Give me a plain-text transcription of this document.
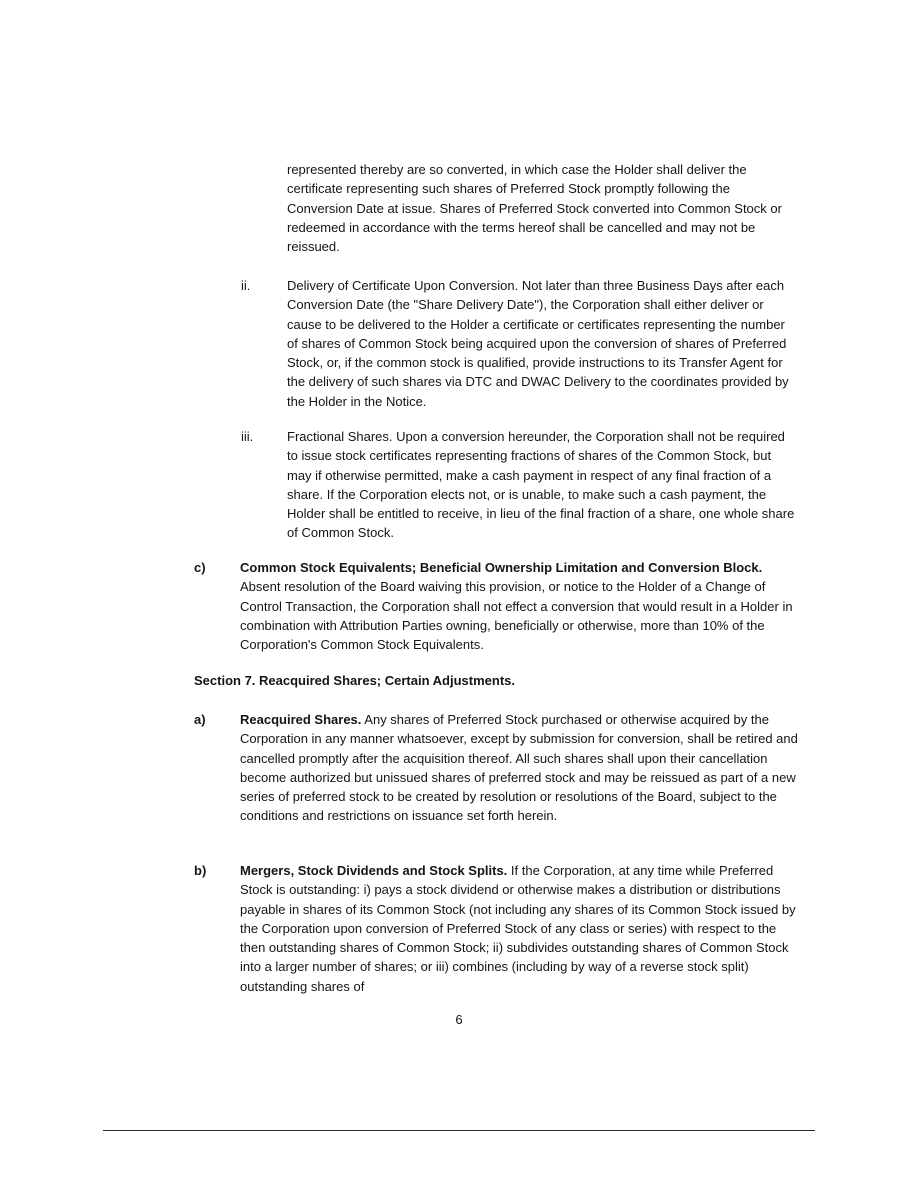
represented thereby are so converted, in which case the Holder shall deliver the certificate representing such shares of Preferred Stock promptly following the Conversion Date at issue. Shares of Preferred Stock converted into Common Stock or redeemed in accordance with the terms hereof shall be cancelled and may not be reissued.
ii.	Delivery of Certificate Upon Conversion. Not later than three Business Days after each Conversion Date (the "Share Delivery Date"), the Corporation shall either deliver or cause to be delivered to the Holder a certificate or certificates representing the number of shares of Common Stock being acquired upon the conversion of shares of Preferred Stock, or, if the common stock is qualified, provide instructions to its Transfer Agent for the delivery of such shares via DTC and DWAC Delivery to the coordinates provided by the Holder in the Notice.
iii.	Fractional Shares. Upon a conversion hereunder, the Corporation shall not be required to issue stock certificates representing fractions of shares of the Common Stock, but may if otherwise permitted, make a cash payment in respect of any final fraction of a share. If the Corporation elects not, or is unable, to make such a cash payment, the Holder shall be entitled to receive, in lieu of the final fraction of a share, one whole share of Common Stock.
c)	Common Stock Equivalents; Beneficial Ownership Limitation and Conversion Block. Absent resolution of the Board waiving this provision, or notice to the Holder of a Change of Control Transaction, the Corporation shall not effect a conversion that would result in a Holder in combination with Attribution Parties owning, beneficially or otherwise, more than 10% of the Corporation's Common Stock Equivalents.
Section 7. Reacquired Shares; Certain Adjustments.
a)	Reacquired Shares. Any shares of Preferred Stock purchased or otherwise acquired by the Corporation in any manner whatsoever, except by submission for conversion, shall be retired and cancelled promptly after the acquisition thereof. All such shares shall upon their cancellation become authorized but unissued shares of preferred stock and may be reissued as part of a new series of preferred stock to be created by resolution or resolutions of the Board, subject to the conditions and restrictions on issuance set forth herein.
b)	Mergers, Stock Dividends and Stock Splits. If the Corporation, at any time while Preferred Stock is outstanding: i) pays a stock dividend or otherwise makes a distribution or distributions payable in shares of its Common Stock (not including any shares of its Common Stock issued by the Corporation upon conversion of Preferred Stock of any class or series) with respect to the then outstanding shares of Common Stock; ii) subdivides outstanding shares of Common Stock into a larger number of shares; or iii) combines (including by way of a reverse stock split) outstanding shares of
6
